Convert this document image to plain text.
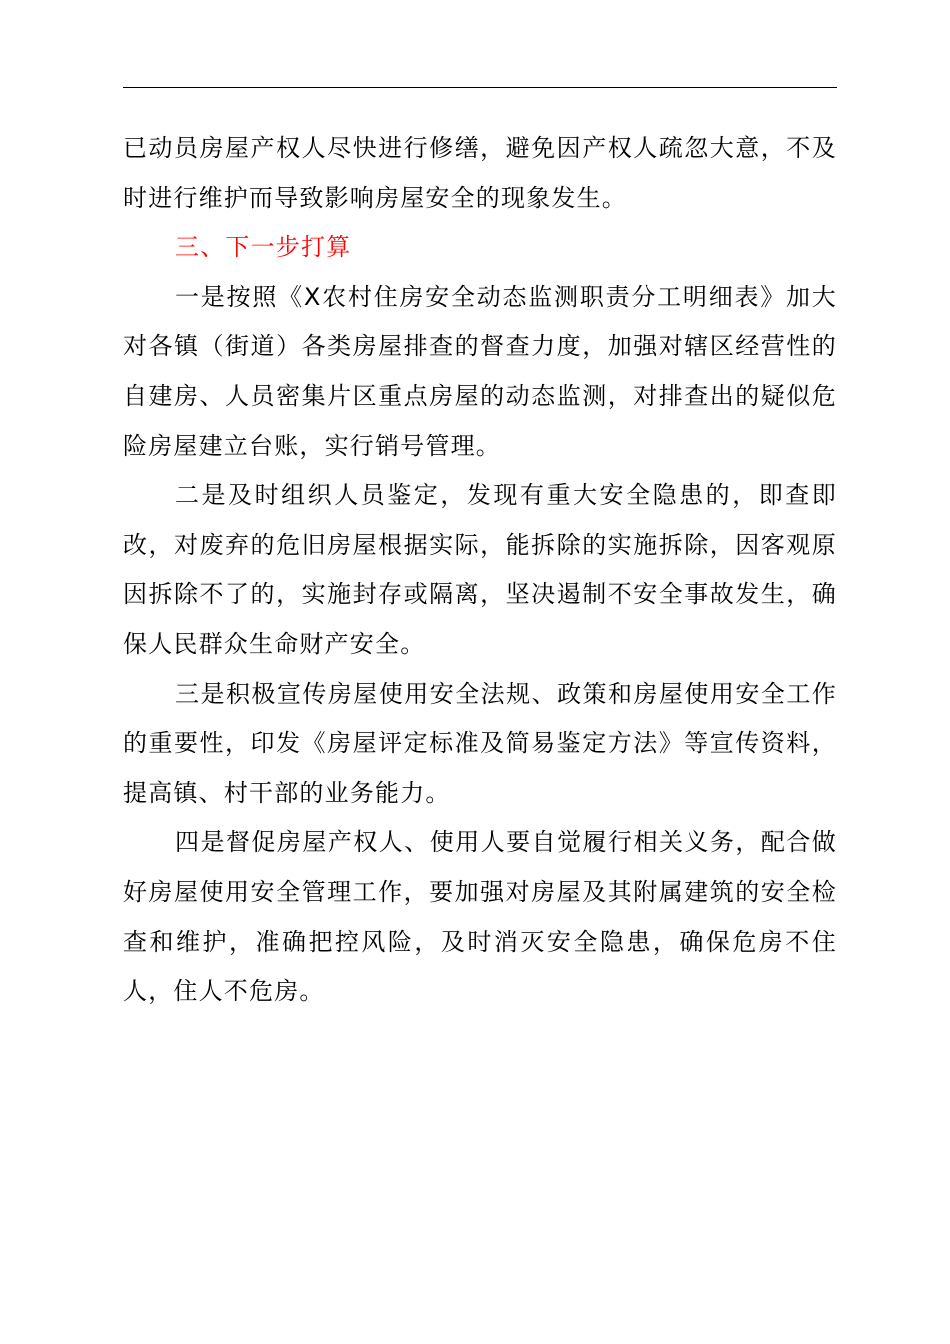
已动员房屋产权人尽快进行修缮，避免因产权人疏忽大意，不及时进行维护而导致影响房屋安全的现象发生。

三、下一步打算

一是按照《X农村住房安全动态监测职责分工明细表》加大对各镇（街道）各类房屋排查的督查力度，加强对辖区经营性的自建房、人员密集片区重点房屋的动态监测，对排查出的疑似危险房屋建立台账，实行销号管理。

二是及时组织人员鉴定，发现有重大安全隐患的，即查即改，对废弃的危旧房屋根据实际，能拆除的实施拆除，因客观原因拆除不了的，实施封存或隔离，坚决遏制不安全事故发生，确保人民群众生命财产安全。

三是积极宣传房屋使用安全法规、政策和房屋使用安全工作的重要性，印发《房屋评定标准及简易鉴定方法》等宣传资料，提高镇、村干部的业务能力。

四是督促房屋产权人、使用人要自觉履行相关义务，配合做好房屋使用安全管理工作，要加强对房屋及其附属建筑的安全检查和维护，准确把控风险，及时消灭安全隐患，确保危房不住人，住人不危房。
